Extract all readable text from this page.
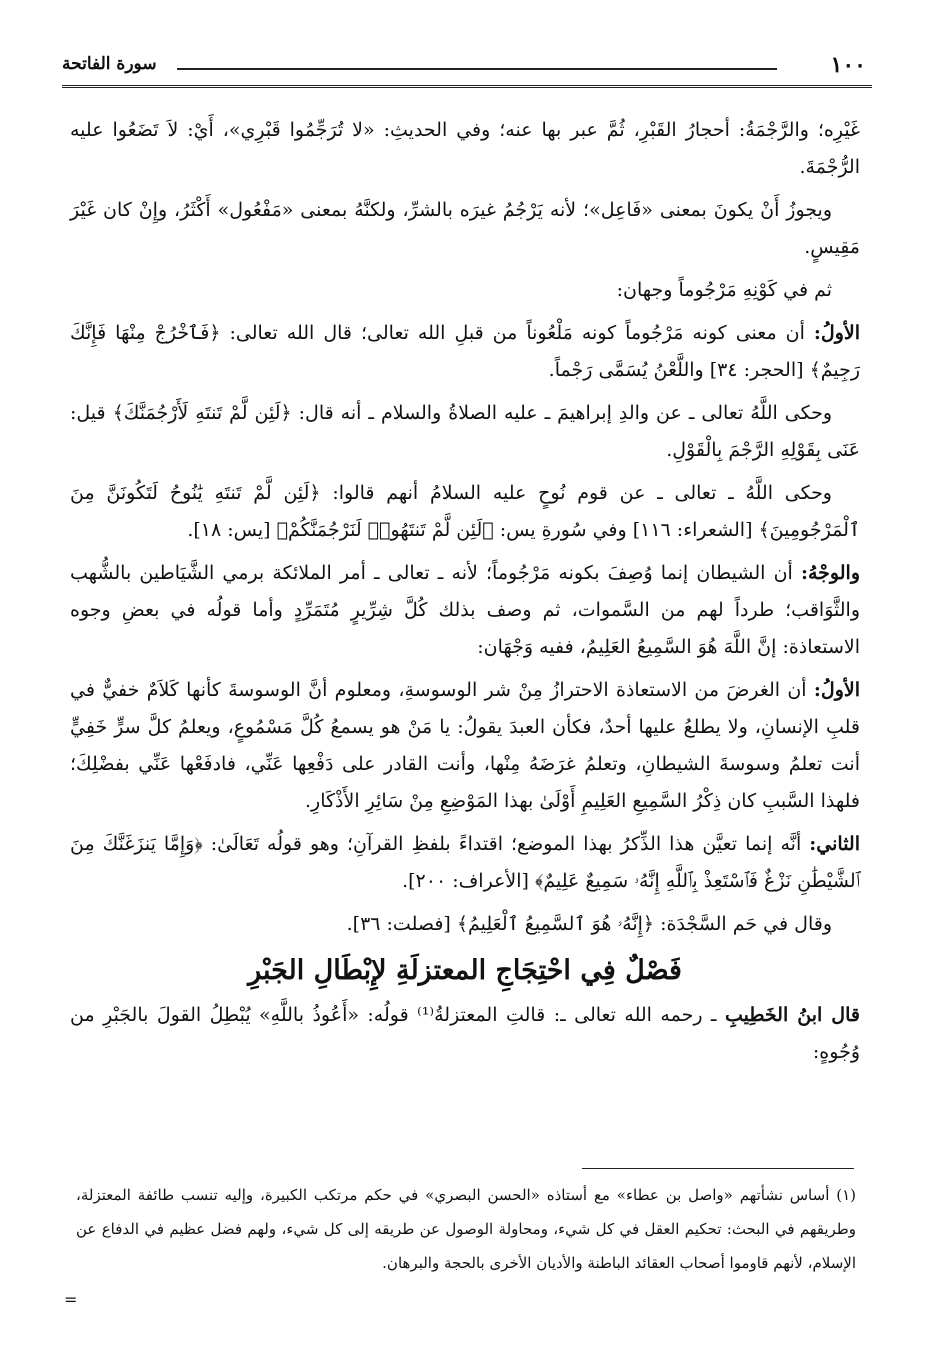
١٠٠
سورة الفاتحة

غَيْرِه؛ والرَّجْمَةُ: أحجارُ القَبْرِ، ثُمَّ عبر بها عنه؛ وفي الحديثِ: «لا تُرَجِّمُوا قَبْرِي»، أَيْ: لاَ تَضَعُوا عليه الرُّجْمَةَ.

ويجوزُ أَنْ يكونَ بمعنى «فَاعِل»؛ لأنه يَرْجُمُ غيرَه بالشرِّ، ولكنَّهُ بمعنى «مَفْعُول» أَكْثَرُ، وإِنْ كان غَيْرَ مَقِيسٍ.

ثم في كَوْنِهِ مَرْجُوماً وجهان:

الأولُ: أن معنى كونه مَرْجُوماً كونه مَلْعُوناً من قبلِ الله تعالى؛ قال الله تعالى: ﴿فَٱخْرُجْ مِنْهَا فَإِنَّكَ رَجِيمٌ﴾ [الحجر: ٣٤] واللَّعْنُ يُسَمَّى رَجْماً.

وحكى اللَّهُ تعالى ـ عن والدِ إبراهيمَ ـ عليه الصلاةُ والسلام ـ أنه قال: ﴿لَئِن لَّمْ تَنتَهِ لَأَرْجُمَنَّكَ﴾ قيل: عَنَى بِقَوْلِهِ الرَّجْمَ بِالْقَوْلِ.

وحكى اللَّهُ ـ تعالى ـ عن قوم نُوحٍ عليه السلامُ أنهم قالوا: ﴿لَئِن لَّمْ تَنتَهِ يَٰنُوحُ لَتَكُونَنَّ مِنَ ٱلْمَرْجُومِينَ﴾ [الشعراء: ١١٦] وفي سُورةِ يس: ﴿لَئِن لَّمْ تَنتَهُوا۟ لَنَرْجُمَنَّكُمْ﴾ [يس: ١٨].

والوجْهُ: أن الشيطان إنما وُصِفَ بكونه مَرْجُوماً؛ لأنه ـ تعالى ـ أمر الملائكة برمي الشَّيَاطين بالشُّهب والثَّوَاقب؛ طرداً لهم من السَّموات، ثم وصف بذلك كُلَّ شِرِّيرٍ مُتَمَرِّدٍ وأما قولُه في بعضِ وجوه الاستعاذة: إنَّ اللَّهَ هُوَ السَّمِيعُ العَلِيمُ، ففيه وَجْهَان:

الأولُ: أن الغرضَ من الاستعاذة الاحترازُ مِنْ شر الوسوسةِ، ومعلوم أنَّ الوسوسةَ كأنها كَلاَمٌ خفيٌّ في قلبِ الإنسانِ، ولا يطلعُ عليها أحدٌ، فكأن العبدَ يقولُ: يا مَنْ هو يسمعُ كُلَّ مَسْمُوعٍ، ويعلمُ كلَّ سرٍّ خَفِيٍّ أنت تعلمُ وسوسةَ الشيطانِ، وتعلمُ غرَضَهُ مِنْها، وأنت القادر على دَفْعِها عَنِّي، فادفَعْها عَنِّي بفضْلِكَ؛ فلهذا السَّببِ كان ذِكْرُ السَّمِيعِ العَلِيمِ أَوْلَىٰ بهذا المَوْضِعِ مِنْ سَائِرِ الأَذْكَارِ.

الثاني: أنَّه إنما تعيَّن هذا الذِّكرُ بهذا الموضع؛ اقتداءً بلفظِ القرآنِ؛ وهو قولُه تَعَالَىٰ: ﴿وَإِمَّا يَنزَغَنَّكَ مِنَ ٱلشَّيْطَٰنِ نَزْغٌ فَٱسْتَعِذْ بِٱللَّهِ إِنَّهُۥ سَمِيعٌ عَلِيمٌ﴾ [الأعراف: ٢٠٠].

وقال في حَم السَّجْدَة: ﴿إِنَّهُۥ هُوَ ٱلسَّمِيعُ ٱلْعَلِيمُ﴾ [فصلت: ٣٦].

فَصْلٌ فِي احْتِجَاجِ المعتزلَةِ لإِبْطَالِ الجَبْرِ

قال ابنُ الخَطِيبِ ـ رحمه الله تعالى ـ: قالتِ المعتزلةُ⁽¹⁾ قولُه: «أَعُوذُ باللَّهِ» يُبْطِلُ القولَ بالجَبْرِ من وُجُوهٍ:

(١) أساس نشأتهم «واصل بن عطاء» مع أستاذه «الحسن البصري» في حكم مرتكب الكبيرة، وإليه تنسب طائفة المعتزلة، وطريقهم في البحث: تحكيم العقل في كل شيء، ومحاولة الوصول عن طريقه إلى كل شيء، ولهم فضل عظيم في الدفاع عن الإسلام، لأنهم قاوموا أصحاب العقائد الباطنة والأديان الأخرى بالحجة والبرهان.

=
